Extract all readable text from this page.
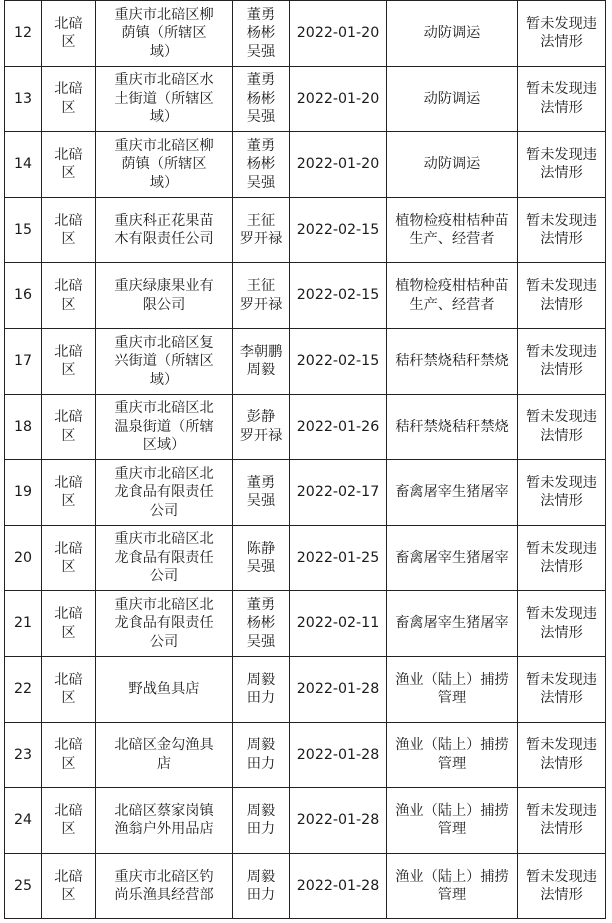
12	北碚区	重庆市北碚区柳荫镇（所辖区域）	董勇
杨彬
吴强	2022-01-20	动防调运	暂未发现违法情形
13	北碚区	重庆市北碚区水土街道（所辖区域）	董勇
杨彬
吴强	2022-01-20	动防调运	暂未发现违法情形
14	北碚区	重庆市北碚区柳荫镇（所辖区域）	董勇
杨彬
吴强	2022-01-20	动防调运	暂未发现违法情形
15	北碚区	重庆科正花果苗木有限责任公司	王征
罗开禄	2022-02-15	植物检疫柑桔种苗生产、经营者	暂未发现违法情形
16	北碚区	重庆绿康果业有限公司	王征
罗开禄	2022-02-15	植物检疫柑桔种苗生产、经营者	暂未发现违法情形
17	北碚区	重庆市北碚区复兴街道（所辖区域）	李朝鹏
周毅	2022-02-15	秸秆禁烧秸秆禁烧	暂未发现违法情形
18	北碚区	重庆市北碚区北温泉街道（所辖区域）	彭静
罗开禄	2022-01-26	秸秆禁烧秸秆禁烧	暂未发现违法情形
19	北碚区	重庆市北碚区北龙食品有限责任公司	董勇
吴强	2022-02-17	畜禽屠宰生猪屠宰	暂未发现违法情形
20	北碚区	重庆市北碚区北龙食品有限责任公司	陈静
吴强	2022-01-25	畜禽屠宰生猪屠宰	暂未发现违法情形
21	北碚区	重庆市北碚区北龙食品有限责任公司	董勇
杨彬
吴强	2022-02-11	畜禽屠宰生猪屠宰	暂未发现违法情形
22	北碚区	野战鱼具店	周毅
田力	2022-01-28	渔业（陆上）捕捞管理	暂未发现违法情形
23	北碚区	北碚区金勾渔具店	周毅
田力	2022-01-28	渔业（陆上）捕捞管理	暂未发现违法情形
24	北碚区	北碚区蔡家岗镇渔翁户外用品店	周毅
田力	2022-01-28	渔业（陆上）捕捞管理	暂未发现违法情形
25	北碚区	重庆市北碚区钓尚乐渔具经营部	周毅
田力	2022-01-28	渔业（陆上）捕捞管理	暂未发现违法情形
